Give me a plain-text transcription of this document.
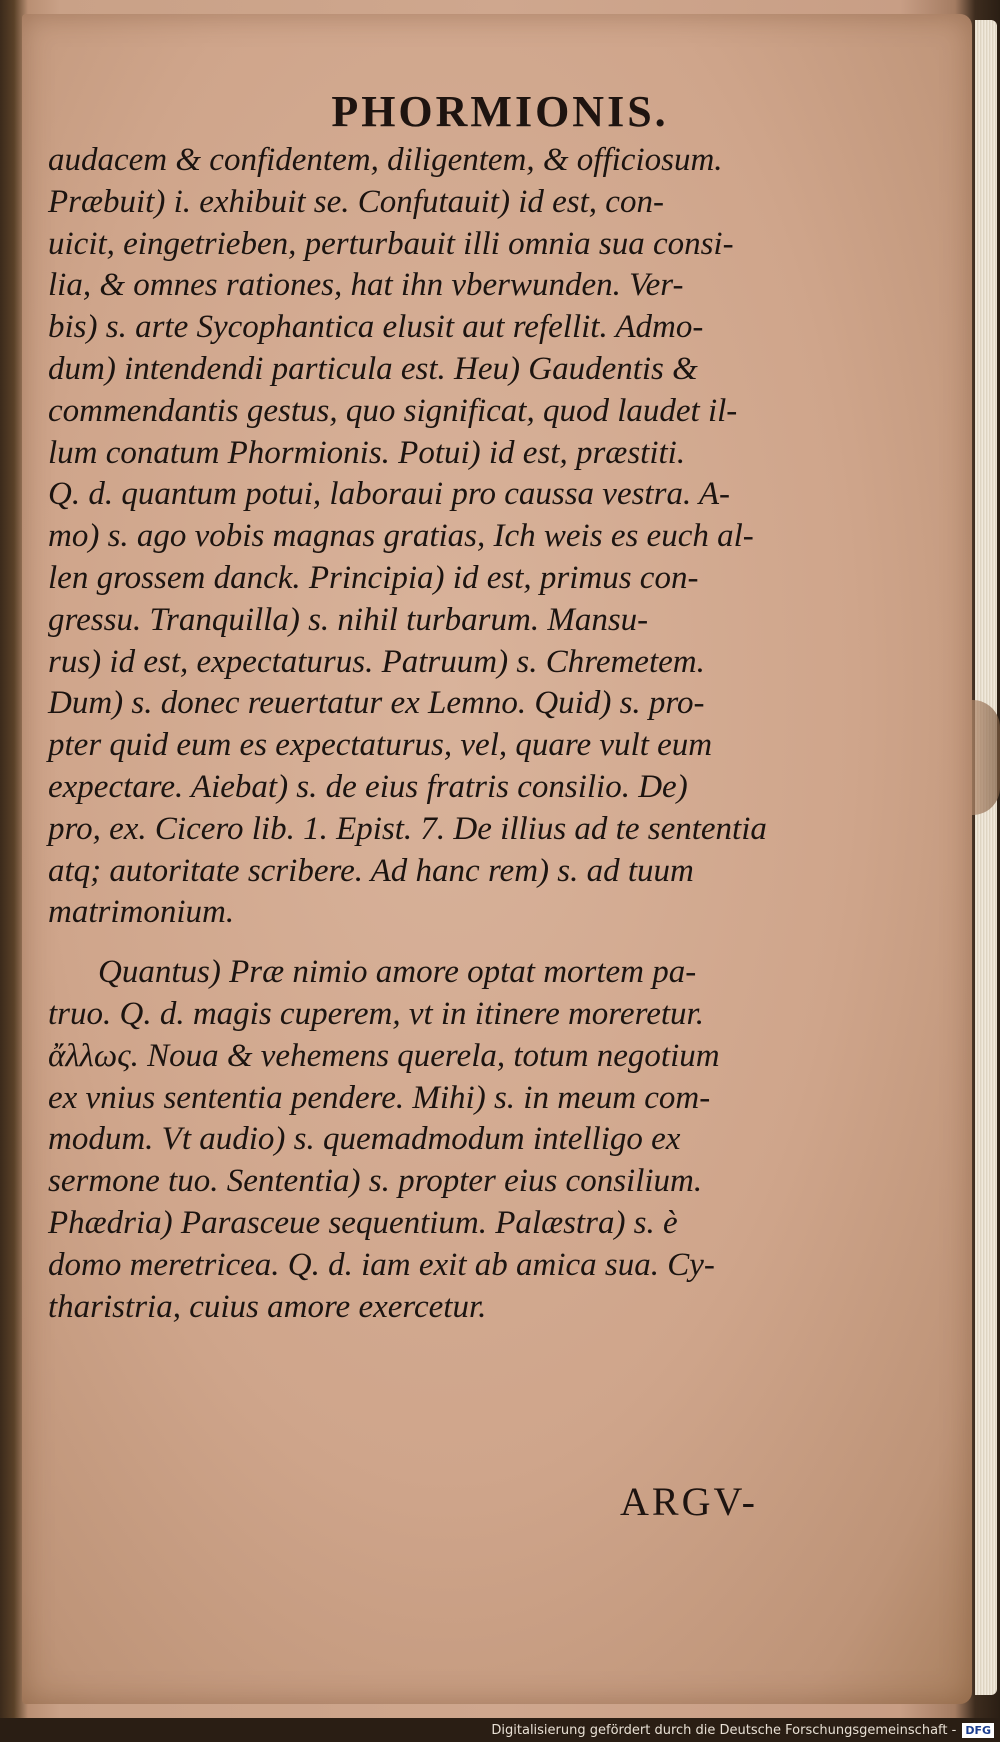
PHORMIONIS.
audacem & confidentem, diligentem, & officiosum.
Præbuit) i. exhibuit se. Confutauit) id est, con-
uicit, eingetrieben, perturbauit illi omnia sua consi-
lia, & omnes rationes, hat ihn vberwunden. Ver-
bis) s. arte Sycophantica elusit aut refellit. Admo-
dum) intendendi particula est. Heu) Gaudentis &
commendantis gestus, quo significat, quod laudet il-
lum conatum Phormionis. Potui) id est, præstiti.
Q. d. quantum potui, laboraui pro caussa vestra. A-
mo) s. ago vobis magnas gratias, Ich weis es euch al-
len grossem danck. Principia) id est, primus con-
gressu. Tranquilla) s. nihil turbarum. Mansu-
rus) id est, expectaturus. Patruum) s. Chremetem.
Dum) s. donec reuertatur ex Lemno. Quid) s. pro-
pter quid eum es expectaturus, vel, quare vult eum
expectare. Aiebat) s. de eius fratris consilio. De)
pro, ex. Cicero lib. 1. Epist. 7. De illius ad te sententia
atq; autoritate scribere. Ad hanc rem) s. ad tuum
matrimonium.
Quantus) Præ nimio amore optat mortem pa-
truo. Q. d. magis cuperem, vt in itinere moreretur.
ἄλλως. Noua & vehemens querela, totum negotium
ex vnius sententia pendere. Mihi) s. in meum com-
modum. Vt audio) s. quemadmodum intelligo ex
sermone tuo. Sententia) s. propter eius consilium.
Phædria) Parasceue sequentium. Palæstra) s. è
domo meretricea. Q. d. iam exit ab amica sua. Cy-
tharistria, cuius amore exercetur.
ARGV-
Digitalisierung gefördert durch die Deutsche Forschungsgemeinschaft - DFG
